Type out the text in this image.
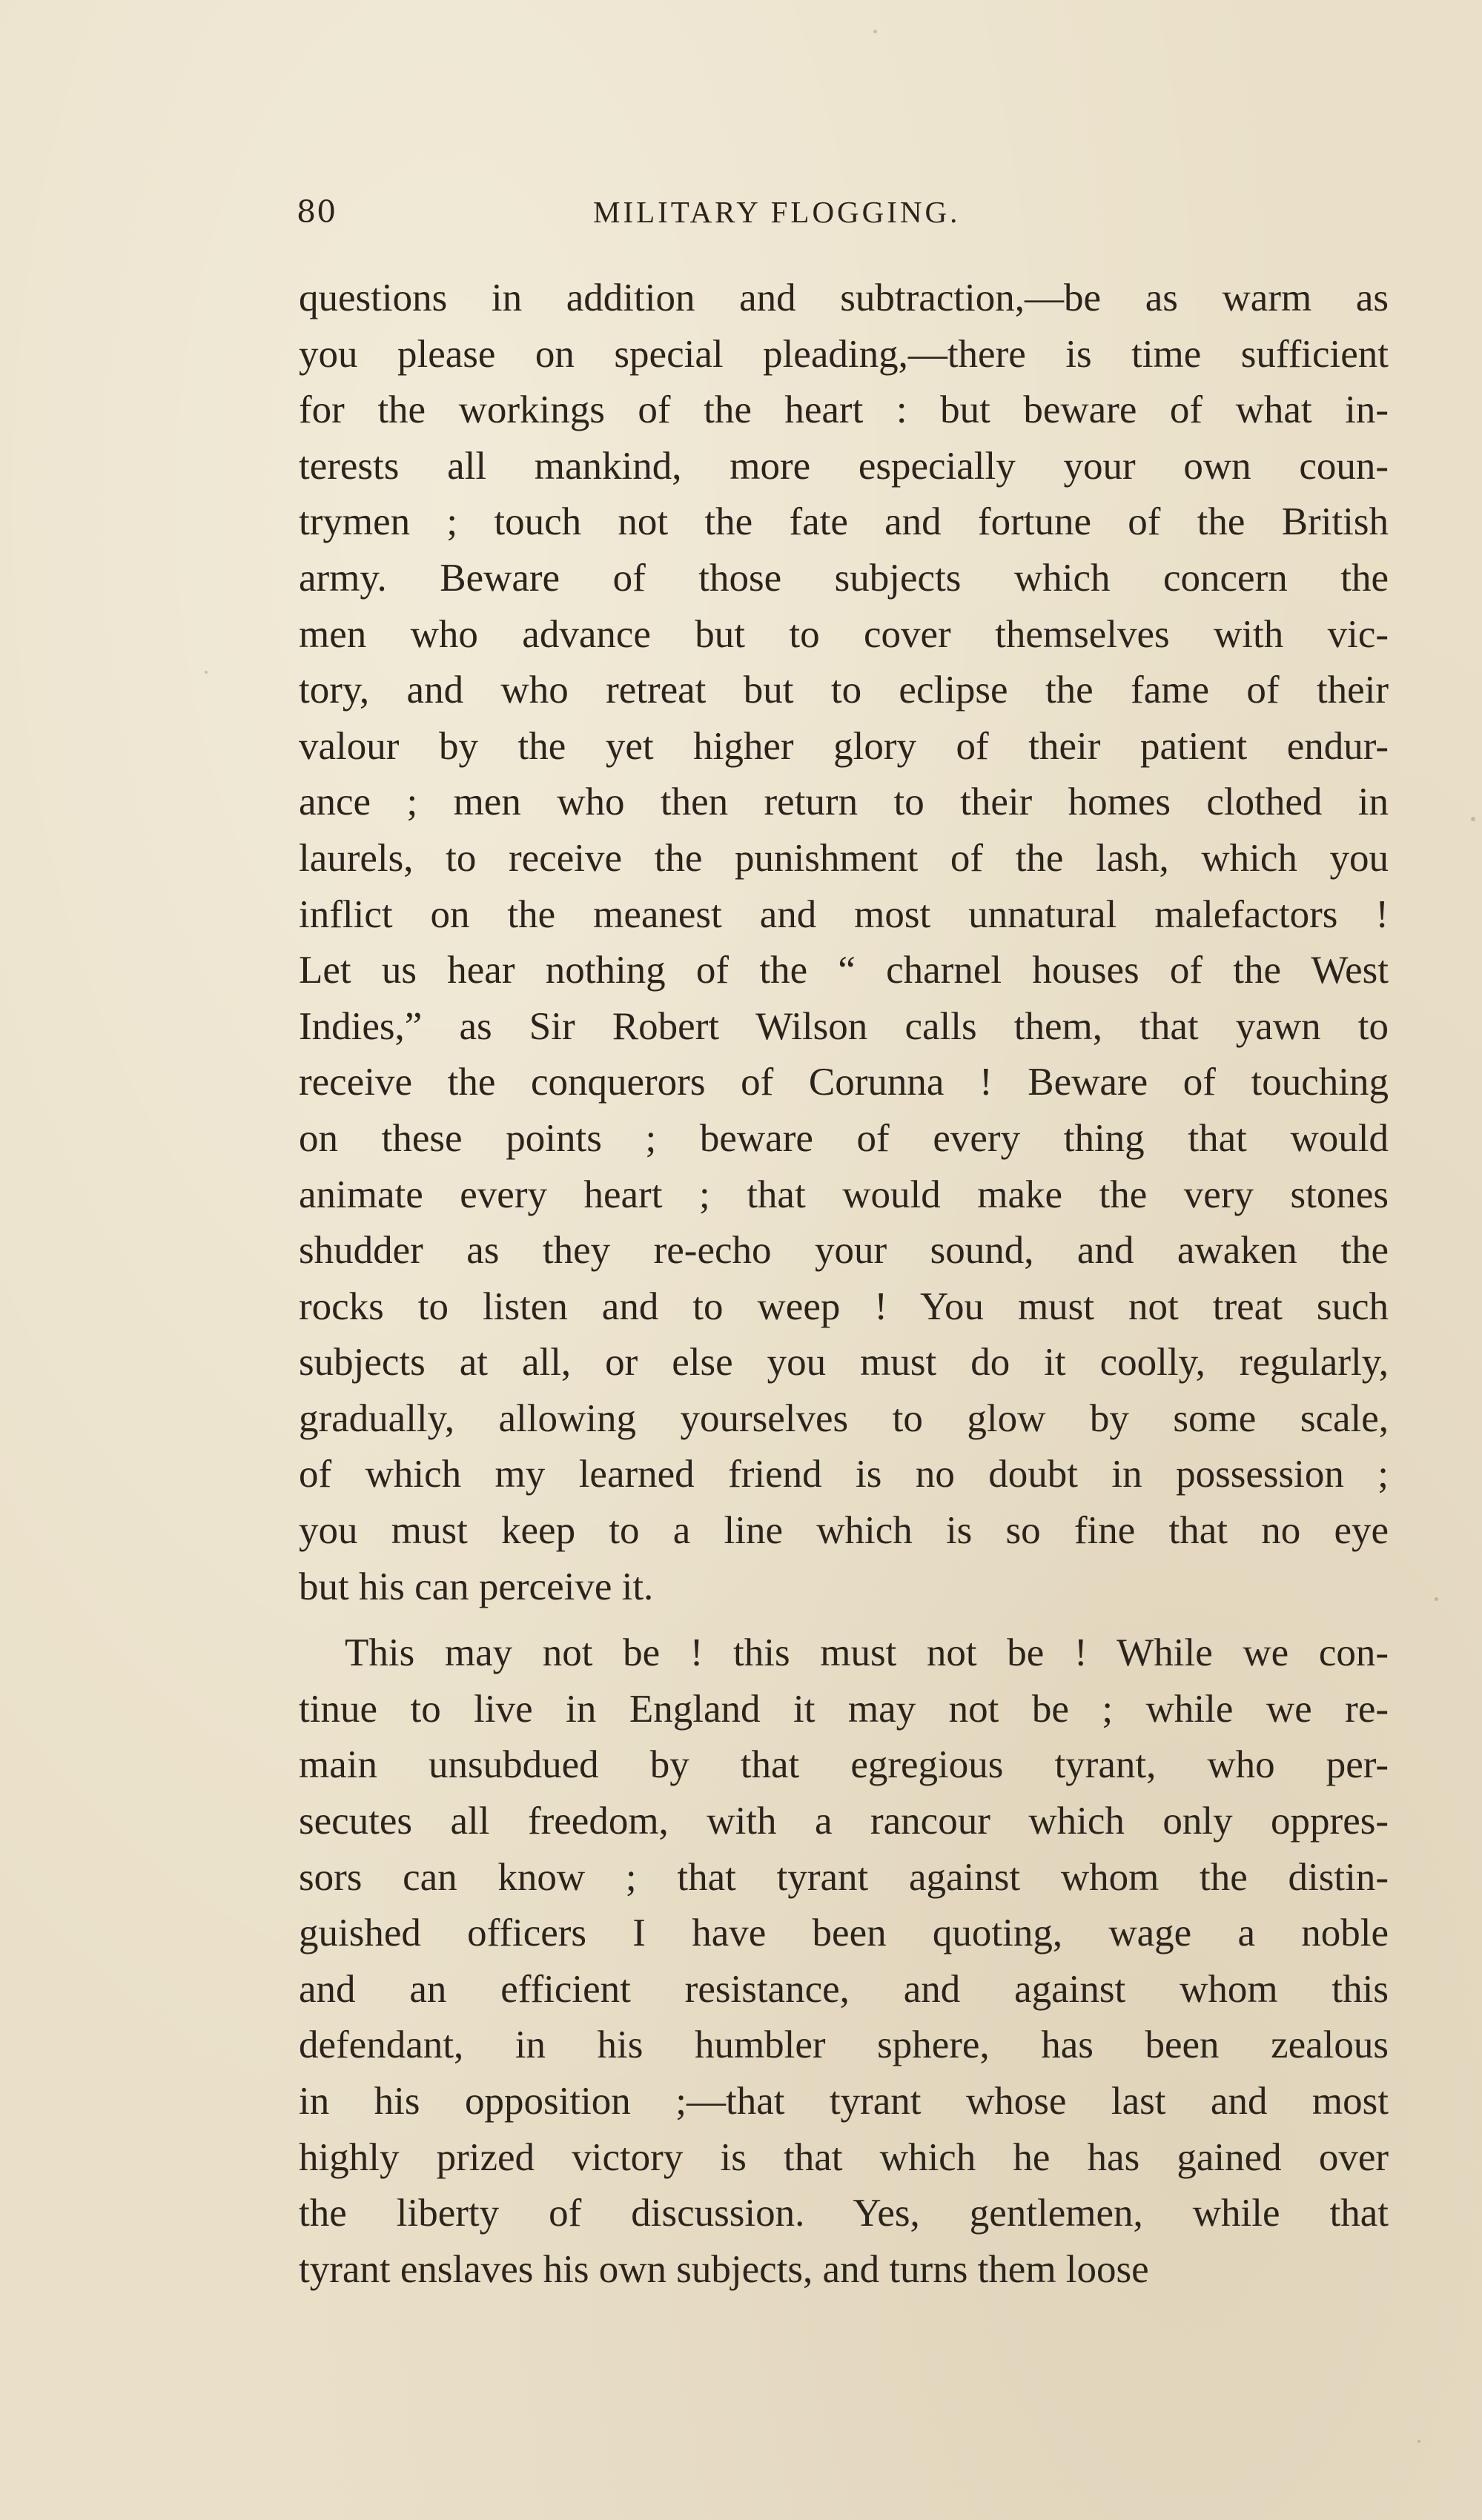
80	MILITARY FLOGGING.
questions in addition and subtraction,—be as warm as
you please on special pleading,—there is time sufficient
for the workings of the heart : but beware of what in-
terests all mankind, more especially your own coun-
trymen ; touch not the fate and fortune of the British
army. Beware of those subjects which concern the
men who advance but to cover themselves with vic-
tory, and who retreat but to eclipse the fame of their
valour by the yet higher glory of their patient endur-
ance ; men who then return to their homes clothed in
laurels, to receive the punishment of the lash, which you
inflict on the meanest and most unnatural malefactors !
Let us hear nothing of the “ charnel houses of the West
Indies,” as Sir Robert Wilson calls them, that yawn to
receive the conquerors of Corunna ! Beware of touching
on these points ; beware of every thing that would
animate every heart ; that would make the very stones
shudder as they re-echo your sound, and awaken the
rocks to listen and to weep ! You must not treat such
subjects at all, or else you must do it coolly, regularly,
gradually, allowing yourselves to glow by some scale,
of which my learned friend is no doubt in possession ;
you must keep to a line which is so fine that no eye
but his can perceive it.
This may not be ! this must not be ! While we con-
tinue to live in England it may not be ; while we re-
main unsubdued by that egregious tyrant, who per-
secutes all freedom, with a rancour which only oppres-
sors can know ; that tyrant against whom the distin-
guished officers I have been quoting, wage a noble
and an efficient resistance, and against whom this
defendant, in his humbler sphere, has been zealous
in his opposition ;—that tyrant whose last and most
highly prized victory is that which he has gained over
the liberty of discussion. Yes, gentlemen, while that
tyrant enslaves his own subjects, and turns them loose
